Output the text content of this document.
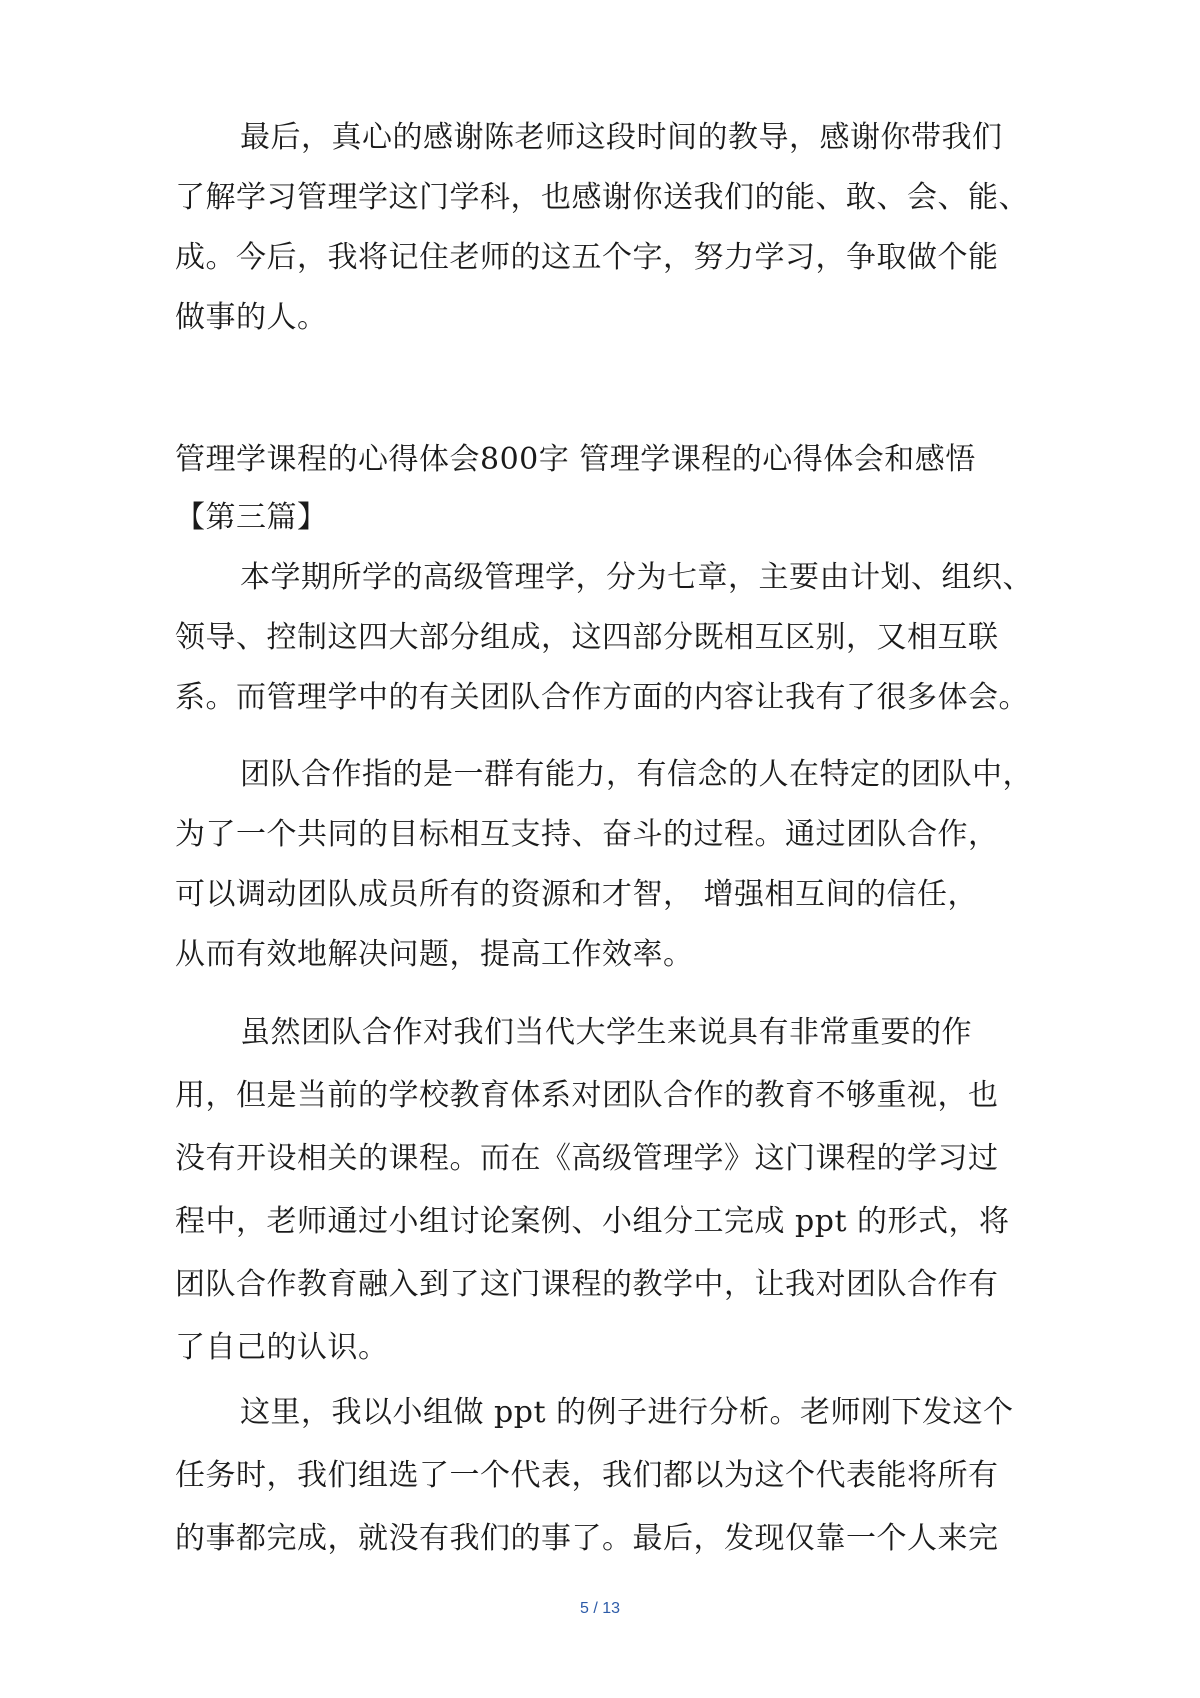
最后，真心的感谢陈老师这段时间的教导，感谢你带我们
了解学习管理学这门学科，也感谢你送我们的能、敢、会、能、
成。今后，我将记住老师的这五个字，努力学习，争取做个能
做事的人。
管理学课程的心得体会800字 管理学课程的心得体会和感悟
【第三篇】
本学期所学的高级管理学，分为七章，主要由计划、组织、
领导、控制这四大部分组成，这四部分既相互区别，又相互联
系。而管理学中的有关团队合作方面的内容让我有了很多体会。
团队合作指的是一群有能力，有信念的人在特定的团队中，
为了一个共同的目标相互支持、奋斗的过程。通过团队合作，
可以调动团队成员所有的资源和才智， 增强相互间的信任，
从而有效地解决问题，提高工作效率。
虽然团队合作对我们当代大学生来说具有非常重要的作
用，但是当前的学校教育体系对团队合作的教育不够重视，也
没有开设相关的课程。而在《高级管理学》这门课程的学习过
程中，老师通过小组讨论案例、小组分工完成 ppt 的形式，将
团队合作教育融入到了这门课程的教学中，让我对团队合作有
了自己的认识。
这里，我以小组做 ppt 的例子进行分析。老师刚下发这个
任务时，我们组选了一个代表，我们都以为这个代表能将所有
的事都完成，就没有我们的事了。最后，发现仅靠一个人来完
5 / 13
